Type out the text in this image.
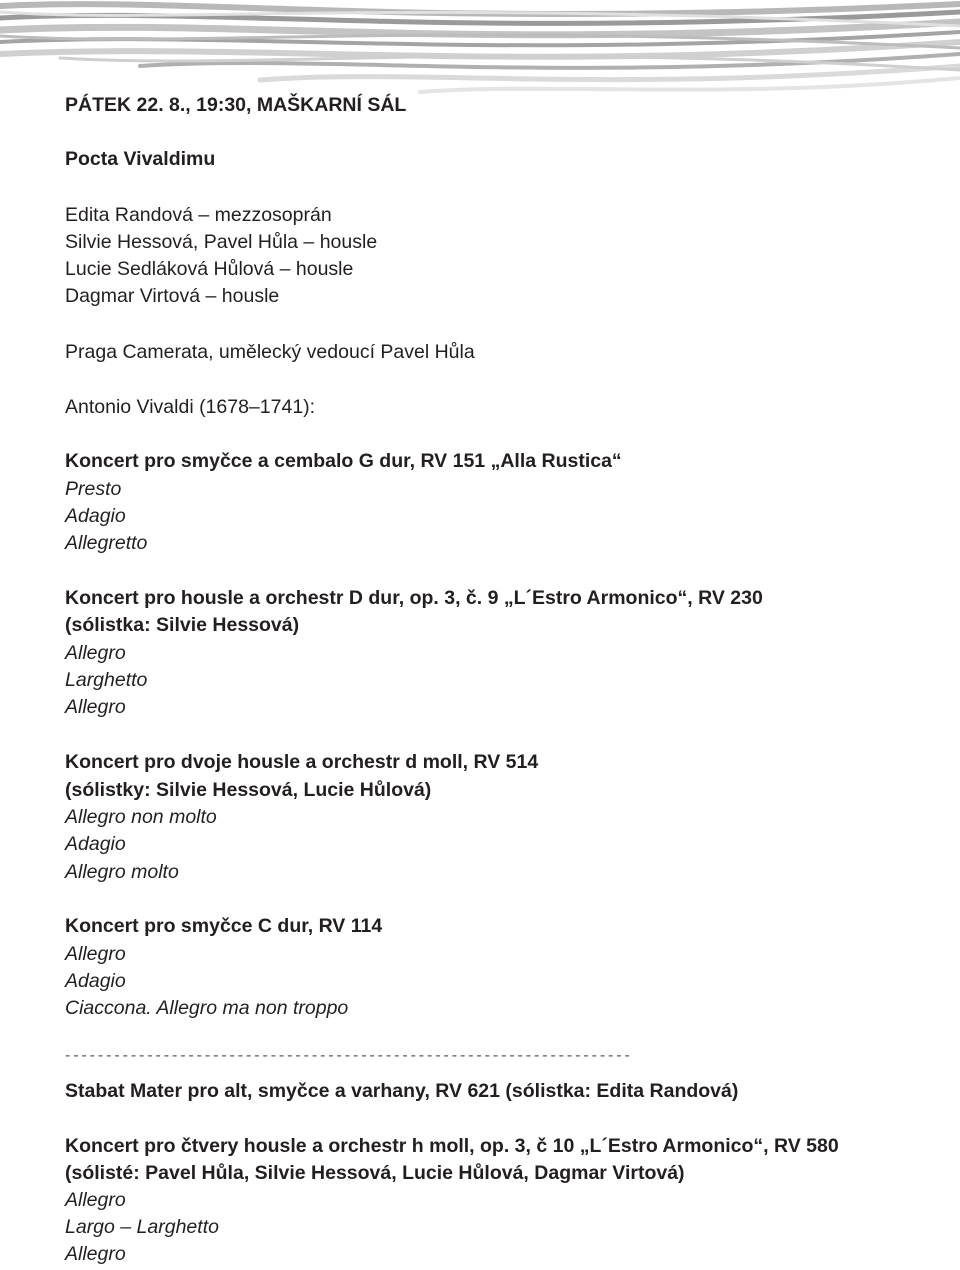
PÁTEK 22. 8., 19:30, MAŠKARNÍ SÁL
Pocta Vivaldimu
Edita Randová – mezzosoprán
Silvie Hessová, Pavel Hůla – housle
Lucie Sedláková Hůlová – housle
Dagmar Virtová – housle
Praga Camerata, umělecký vedoucí Pavel Hůla
Antonio Vivaldi (1678–1741):
Koncert pro smyčce a cembalo G dur, RV 151 „Alla Rustica“
Presto
Adagio
Allegretto
Koncert pro housle a orchestr D dur, op. 3, č. 9 „L´Estro Armonico“, RV 230
(sólistka: Silvie Hessová)
Allegro
Larghetto
Allegro
Koncert pro dvoje housle a orchestr d moll, RV 514
(sólistky: Silvie Hessová, Lucie Hůlová)
Allegro non molto
Adagio
Allegro molto
Koncert pro smyčce C dur, RV 114
Allegro
Adagio
Ciaccona. Allegro ma non troppo
---------------------------------------------------------------------
Stabat Mater pro alt, smyčce a varhany, RV 621 (sólistka: Edita Randová)
Koncert pro čtvery housle a orchestr h moll, op. 3, č 10 „L´Estro Armonico“, RV 580
(sólisté: Pavel Hůla, Silvie Hessová, Lucie Hůlová, Dagmar Virtová)
Allegro
Largo – Larghetto
Allegro
